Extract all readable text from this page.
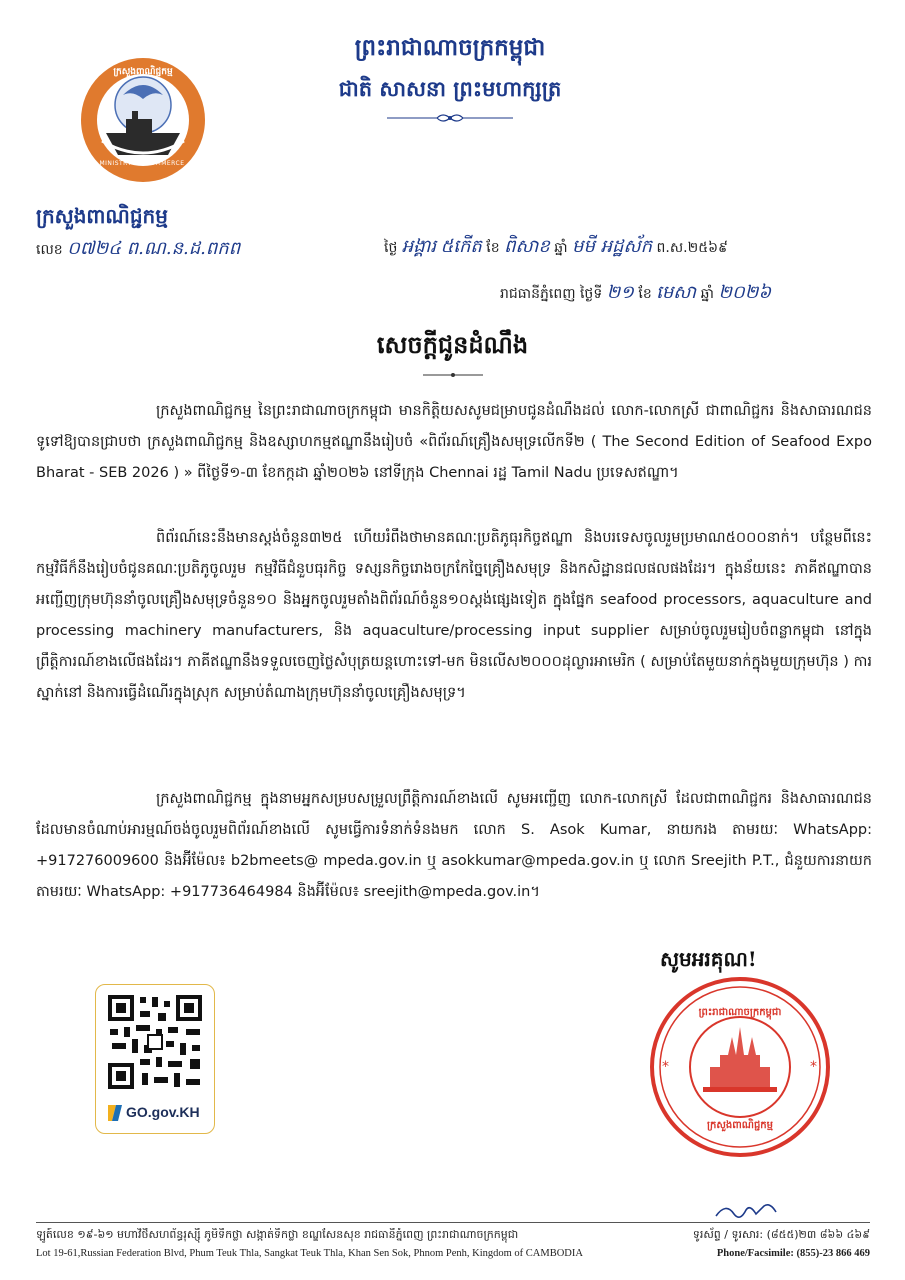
ព្រះរាជាណាចក្រកម្ពុជា
ជាតិ សាសនា ព្រះមហាក្សត្រ
ក្រសួងពាណិជ្ជកម្ម
MINISTRY OF COMMERCE
ក្រសួងពាណិជ្ជកម្ម
លេខ ០៧២៤ ព.ណ.ន.ដ.ពកព	ថ្ងៃ អង្គារ ៥កើត ខែ ពិសាខ ឆ្នាំ មមី អដ្ឋស័ក ព.ស.២៥៦៩
រាជធានីភ្នំពេញ ថ្ងៃទី ២១ ខែ មេសា ឆ្នាំ ២០២៦
សេចក្តីជូនដំណឹង
ក្រសួងពាណិជ្ជកម្ម នៃព្រះរាជាណាចក្រកម្ពុជា មានកិត្តិយសសូមជម្រាបជូនដំណឹងដល់ លោក-លោកស្រី ជាពាណិជ្ជករ និងសាធារណជនទូទៅឱ្យបានជ្រាបថា ក្រសួងពាណិជ្ជកម្ម និងឧស្សាហកម្មឥណ្ឌានឹងរៀបចំ «ពិព័រណ៍គ្រឿងសមុទ្រលើកទី២ ( The Second Edition of Seafood Expo Bharat - SEB 2026 ) » ពីថ្ងៃទី១-៣ ខែកក្កដា ឆ្នាំ២០២៦ នៅទីក្រុង Chennai រដ្ឋ Tamil Nadu ប្រទេសឥណ្ឌា។
ពិព័រណ៍នេះនឹងមានស្តង់ចំនួន៣២៥ ហើយរំពឹងថាមានគណៈប្រតិភូធុរកិច្ចឥណ្ឌា និងបរទេសចូលរួមប្រមាណ៥០០០នាក់។ បន្ថែមពីនេះ កម្មវិធីក៏នឹងរៀបចំជូនគណៈប្រតិភូចូលរួម កម្មវិធីជំនួបធុរកិច្ច ទស្សនកិច្ចរោងចក្រកែច្នៃគ្រឿងសមុទ្រ និងកសិដ្ឋានជលផលផងដែរ។ ក្នុងន័យនេះ ភាគីឥណ្ឌាបានអញ្ជើញក្រុមហ៊ុននាំចូលគ្រឿងសមុទ្រចំនួន១០ និងអ្នកចូលរួមតាំងពិព័រណ៍ចំនួន១០ស្តង់ផ្សេងទៀត ក្នុងផ្នែក seafood processors, aquaculture and processing machinery manufacturers, និង aquaculture/processing input supplier សម្រាប់ចូលរួមរៀបចំពន្លាកម្ពុជា នៅក្នុងព្រឹត្តិការណ៍ខាងលើផងដែរ។ ភាគីឥណ្ឌានឹងទទួលចេញថ្លៃសំបុត្រយន្តហោះទៅ-មក មិនលើស២០០០ដុល្លារអាមេរិក ( សម្រាប់តែមួយនាក់ក្នុងមួយក្រុមហ៊ុន ) ការស្នាក់នៅ និងការធ្វើដំណើរក្នុងស្រុក សម្រាប់តំណាងក្រុមហ៊ុននាំចូលគ្រឿងសមុទ្រ។
ក្រសួងពាណិជ្ជកម្ម ក្នុងនាមអ្នកសម្របសម្រួលព្រឹត្តិការណ៍ខាងលើ សូមអញ្ជើញ លោក-លោកស្រី ដែលជាពាណិជ្ជករ និងសាធារណជន ដែលមានចំណាប់អារម្មណ៍ចង់ចូលរួមពិព័រណ៍ខាងលើ សូមធ្វើការទំនាក់ទំនងមក លោក S. Asok Kumar, នាយករង តាមរយៈ WhatsApp: +917276009600 និងអ៊ីម៉ែល៖ b2bmeets@ mpeda.gov.in ឬ asokkumar@mpeda.gov.in ឬ លោក Sreejith P.T., ជំនួយការនាយក តាមរយៈ WhatsApp: +917736464984 និងអ៊ីម៉ែល៖ sreejith@mpeda.gov.in។
សូមអរគុណ!
*	*
ព្រះរាជាណាចក្រកម្ពុជា
ក្រសួងពាណិជ្ជកម្ម
GO.gov.KH
ឡូត៍លេខ ១៩-៦១ មហាវិថីសហព័ន្ធរុស្ស៊ី ភូមិទឹកថ្លា សង្កាត់ទឹកថ្លា ខណ្ឌសែនសុខ រាជធានីភ្នំពេញ ព្រះរាជាណាចក្រកម្ពុជា	ទូរស័ព្ទ / ទូរសារ: (៨៥៥)២៣ ៨៦៦ ៤៦៩
Lot 19-61,Russian Federation Blvd, Phum Teuk Thla, Sangkat Teuk Thla, Khan Sen Sok, Phnom Penh, Kingdom of CAMBODIA	Phone/Facsimile: (855)-23 866 469
